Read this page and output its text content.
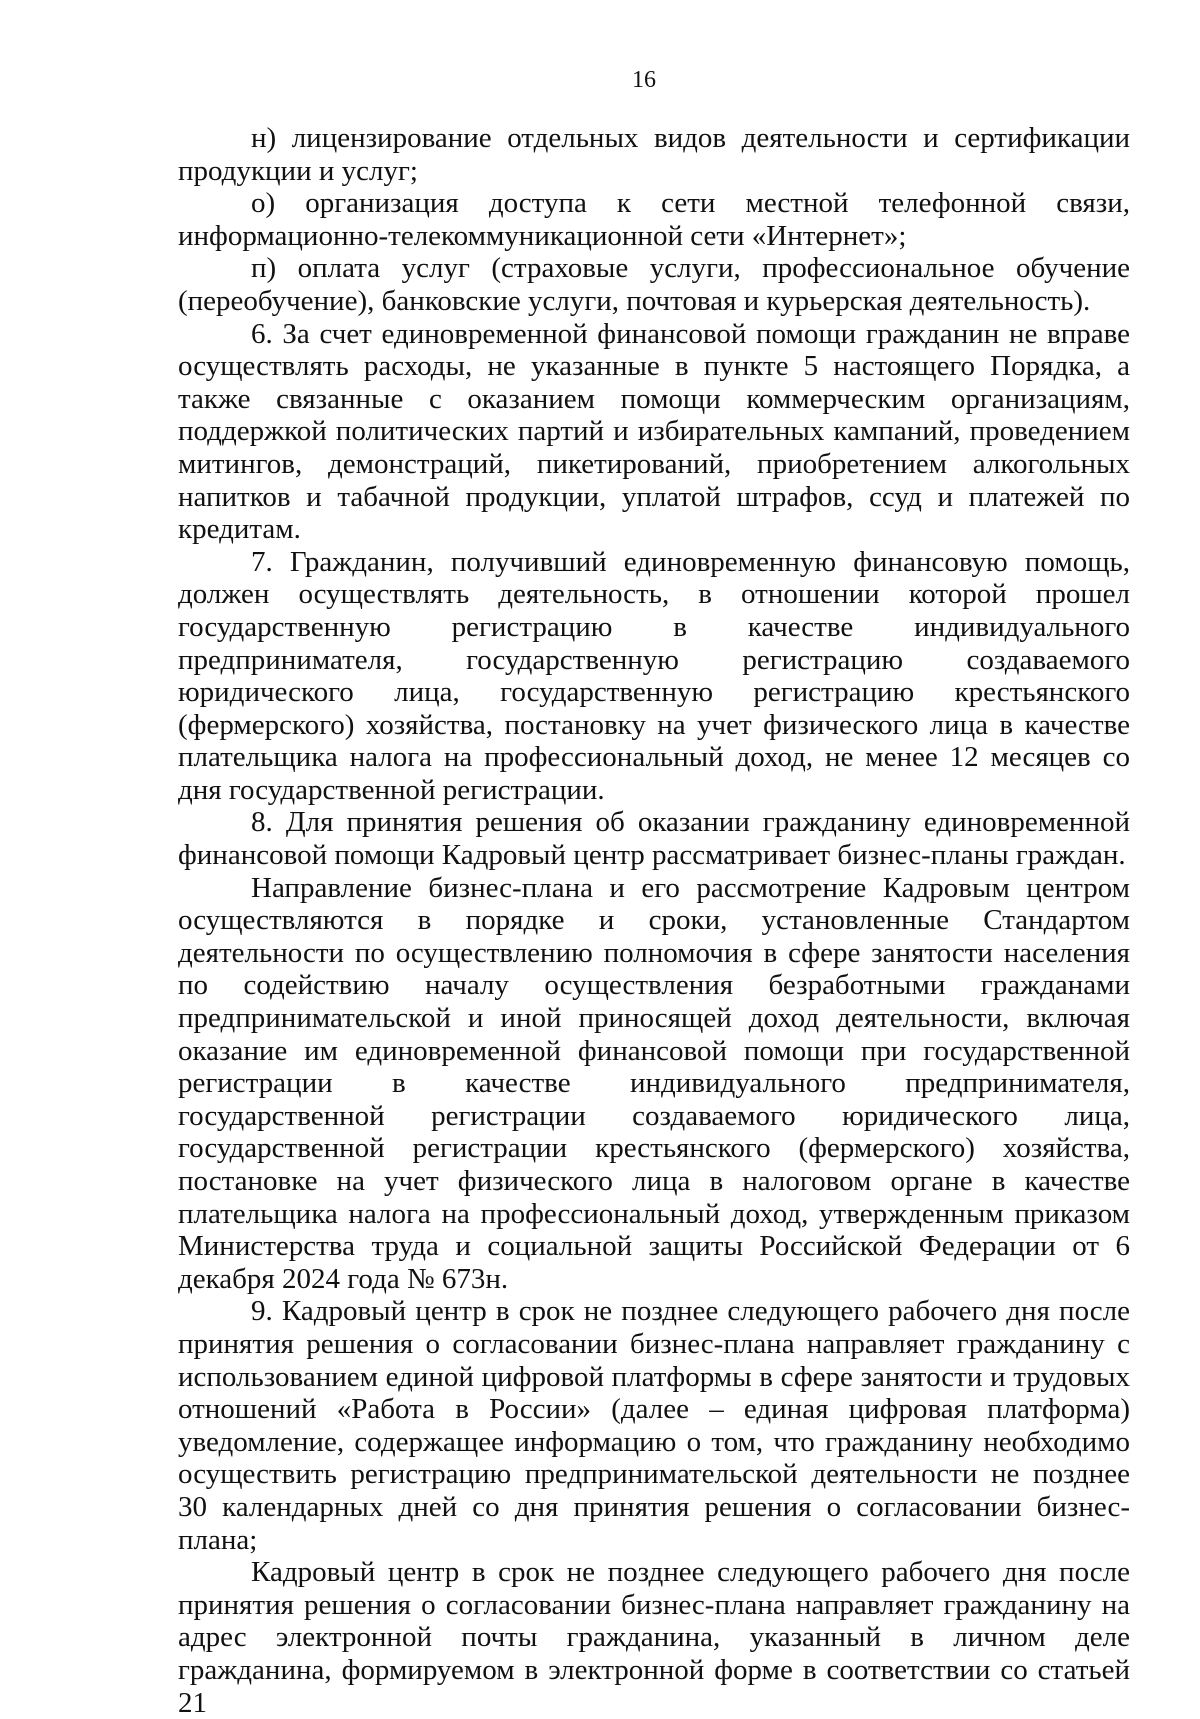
16

н) лицензирование отдельных видов деятельности и сертификации продукции и услуг;

о) организация доступа к сети местной телефонной связи, информационно-телекоммуникационной сети «Интернет»;

п) оплата услуг (страховые услуги, профессиональное обучение (переобучение), банковские услуги, почтовая и курьерская деятельность).

6. За счет единовременной финансовой помощи гражданин не вправе осуществлять расходы, не указанные в пункте 5 настоящего Порядка, а также связанные с оказанием помощи коммерческим организациям, поддержкой политических партий и избирательных кампаний, проведением митингов, демонстраций, пикетирований, приобретением алкогольных напитков и табачной продукции, уплатой штрафов, ссуд и платежей по кредитам.

7. Гражданин, получивший единовременную финансовую помощь, должен осуществлять деятельность, в отношении которой прошел государственную регистрацию в качестве индивидуального предпринимателя, государственную регистрацию создаваемого юридического лица, государственную регистрацию крестьянского (фермерского) хозяйства, постановку на учет физического лица в качестве плательщика налога на профессиональный доход, не менее 12 месяцев со дня государственной регистрации.

8. Для принятия решения об оказании гражданину единовременной финансовой помощи Кадровый центр рассматривает бизнес-планы граждан.

Направление бизнес-плана и его рассмотрение Кадровым центром осуществляются в порядке и сроки, установленные Стандартом деятельности по осуществлению полномочия в сфере занятости населения по содействию началу осуществления безработными гражданами предпринимательской и иной приносящей доход деятельности, включая оказание им единовременной финансовой помощи при государственной регистрации в качестве индивидуального предпринимателя, государственной регистрации создаваемого юридического лица, государственной регистрации крестьянского (фермерского) хозяйства, постановке на учет физического лица в налоговом органе в качестве плательщика налога на профессиональный доход, утвержденным приказом Министерства труда и социальной защиты Российской Федерации от 6 декабря 2024 года № 673н.

9. Кадровый центр в срок не позднее следующего рабочего дня после принятия решения о согласовании бизнес-плана направляет гражданину с использованием единой цифровой платформы в сфере занятости и трудовых отношений «Работа в России» (далее – единая цифровая платформа) уведомление, содержащее информацию о том, что гражданину необходимо осуществить регистрацию предпринимательской деятельности не позднее 30 календарных дней со дня принятия решения о согласовании бизнес-плана;

Кадровый центр в срок не позднее следующего рабочего дня после принятия решения о согласовании бизнес-плана направляет гражданину на адрес электронной почты гражданина, указанный в личном деле гражданина, формируемом в электронной форме в соответствии со статьей 21
